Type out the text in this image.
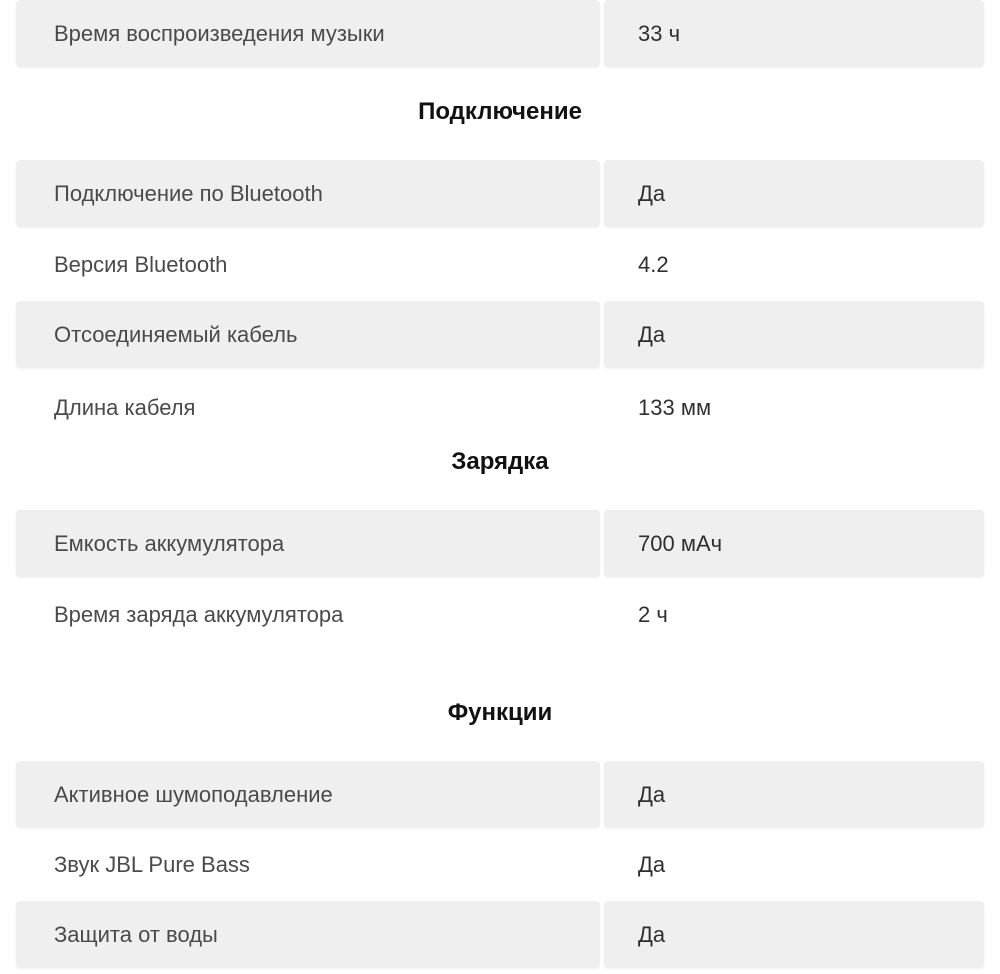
Время воспроизведения музыки	33 ч
Подключение
Подключение по Bluetooth	Да
Версия Bluetooth	4.2
Отсоединяемый кабель	Да
Длина кабеля	133 мм
Зарядка
Емкость аккумулятора	700 мАч
Время заряда аккумулятора	2 ч
Функции
Активное шумоподавление	Да
Звук JBL Pure Bass	Да
Защита от воды	Да
